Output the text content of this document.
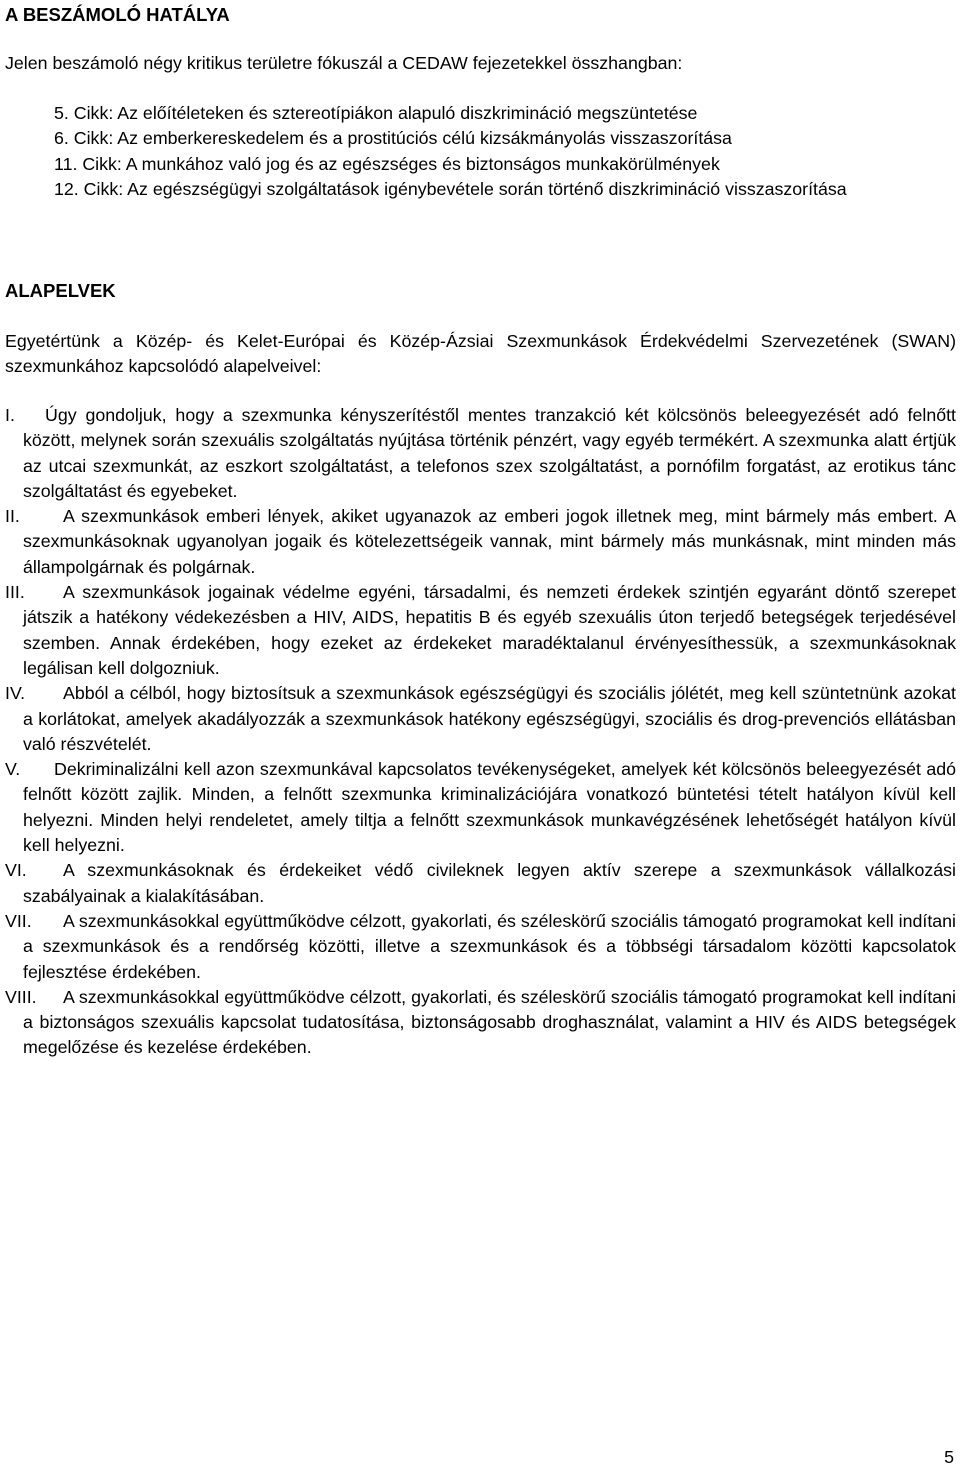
A BESZÁMOLÓ HATÁLYA

Jelen beszámoló négy kritikus területre fókuszál a CEDAW fejezetekkel összhangban:

5. Cikk: Az előítéleteken és sztereotípiákon alapuló diszkrimináció megszüntetése
6. Cikk: Az emberkereskedelem és a prostitúciós célú kizsákmányolás visszaszorítása
11. Cikk: A munkához való jog és az egészséges és biztonságos munkakörülmények
12. Cikk: Az egészségügyi szolgáltatások igénybevétele során történő diszkrimináció visszaszorítása
ALAPELVEK

Egyetértünk a Közép- és Kelet-Európai és Közép-Ázsiai Szexmunkások Érdekvédelmi Szervezetének (SWAN) szexmunkához kapcsolódó alapelveivel:

I. Úgy gondoljuk, hogy a szexmunka kényszerítéstől mentes tranzakció két kölcsönös beleegyezését adó felnőtt között, melynek során szexuális szolgáltatás nyújtása történik pénzért, vagy egyéb termékért. A szexmunka alatt értjük az utcai szexmunkát, az eszkort szolgáltatást, a telefonos szex szolgáltatást, a pornófilm forgatást, az erotikus tánc szolgáltatást és egyebeket.
II. A szexmunkások emberi lények, akiket ugyanazok az emberi jogok illetnek meg, mint bármely más embert. A szexmunkásoknak ugyanolyan jogaik és kötelezettségeik vannak, mint bármely más munkásnak, mint minden más állampolgárnak és polgárnak.
III. A szexmunkások jogainak védelme egyéni, társadalmi, és nemzeti érdekek szintjén egyaránt döntő szerepet játszik a hatékony védekezésben a HIV, AIDS, hepatitis B és egyéb szexuális úton terjedő betegségek terjedésével szemben. Annak érdekében, hogy ezeket az érdekeket maradéktalanul érvényesíthessük, a szexmunkásoknak legálisan kell dolgozniuk.
IV. Abból a célból, hogy biztosítsuk a szexmunkások egészségügyi és szociális jólétét, meg kell szüntetnünk azokat a korlátokat, amelyek akadályozzák a szexmunkások hatékony egészségügyi, szociális és drog-prevenciós ellátásban való részvételét.
V. Dekriminalizálni kell azon szexmunkával kapcsolatos tevékenységeket, amelyek két kölcsönös beleegyezését adó felnőtt között zajlik. Minden, a felnőtt szexmunka kriminalizációjára vonatkozó büntetési tételt hatályon kívül kell helyezni. Minden helyi rendeletet, amely tiltja a felnőtt szexmunkások munkavégzésének lehetőségét hatályon kívül kell helyezni.
VI. A szexmunkásoknak és érdekeiket védő civileknek legyen aktív szerepe a szexmunkások vállalkozási szabályainak a kialakításában.
VII. A szexmunkásokkal együttműködve célzott, gyakorlati, és széleskörű szociális támogató programokat kell indítani a szexmunkások és a rendőrség közötti, illetve a szexmunkások és a többségi társadalom közötti kapcsolatok fejlesztése érdekében.
VIII. A szexmunkásokkal együttműködve célzott, gyakorlati, és széleskörű szociális támogató programokat kell indítani a biztonságos szexuális kapcsolat tudatosítása, biztonságosabb droghasználat, valamint a HIV és AIDS betegségek megelőzése és kezelése érdekében.
5
